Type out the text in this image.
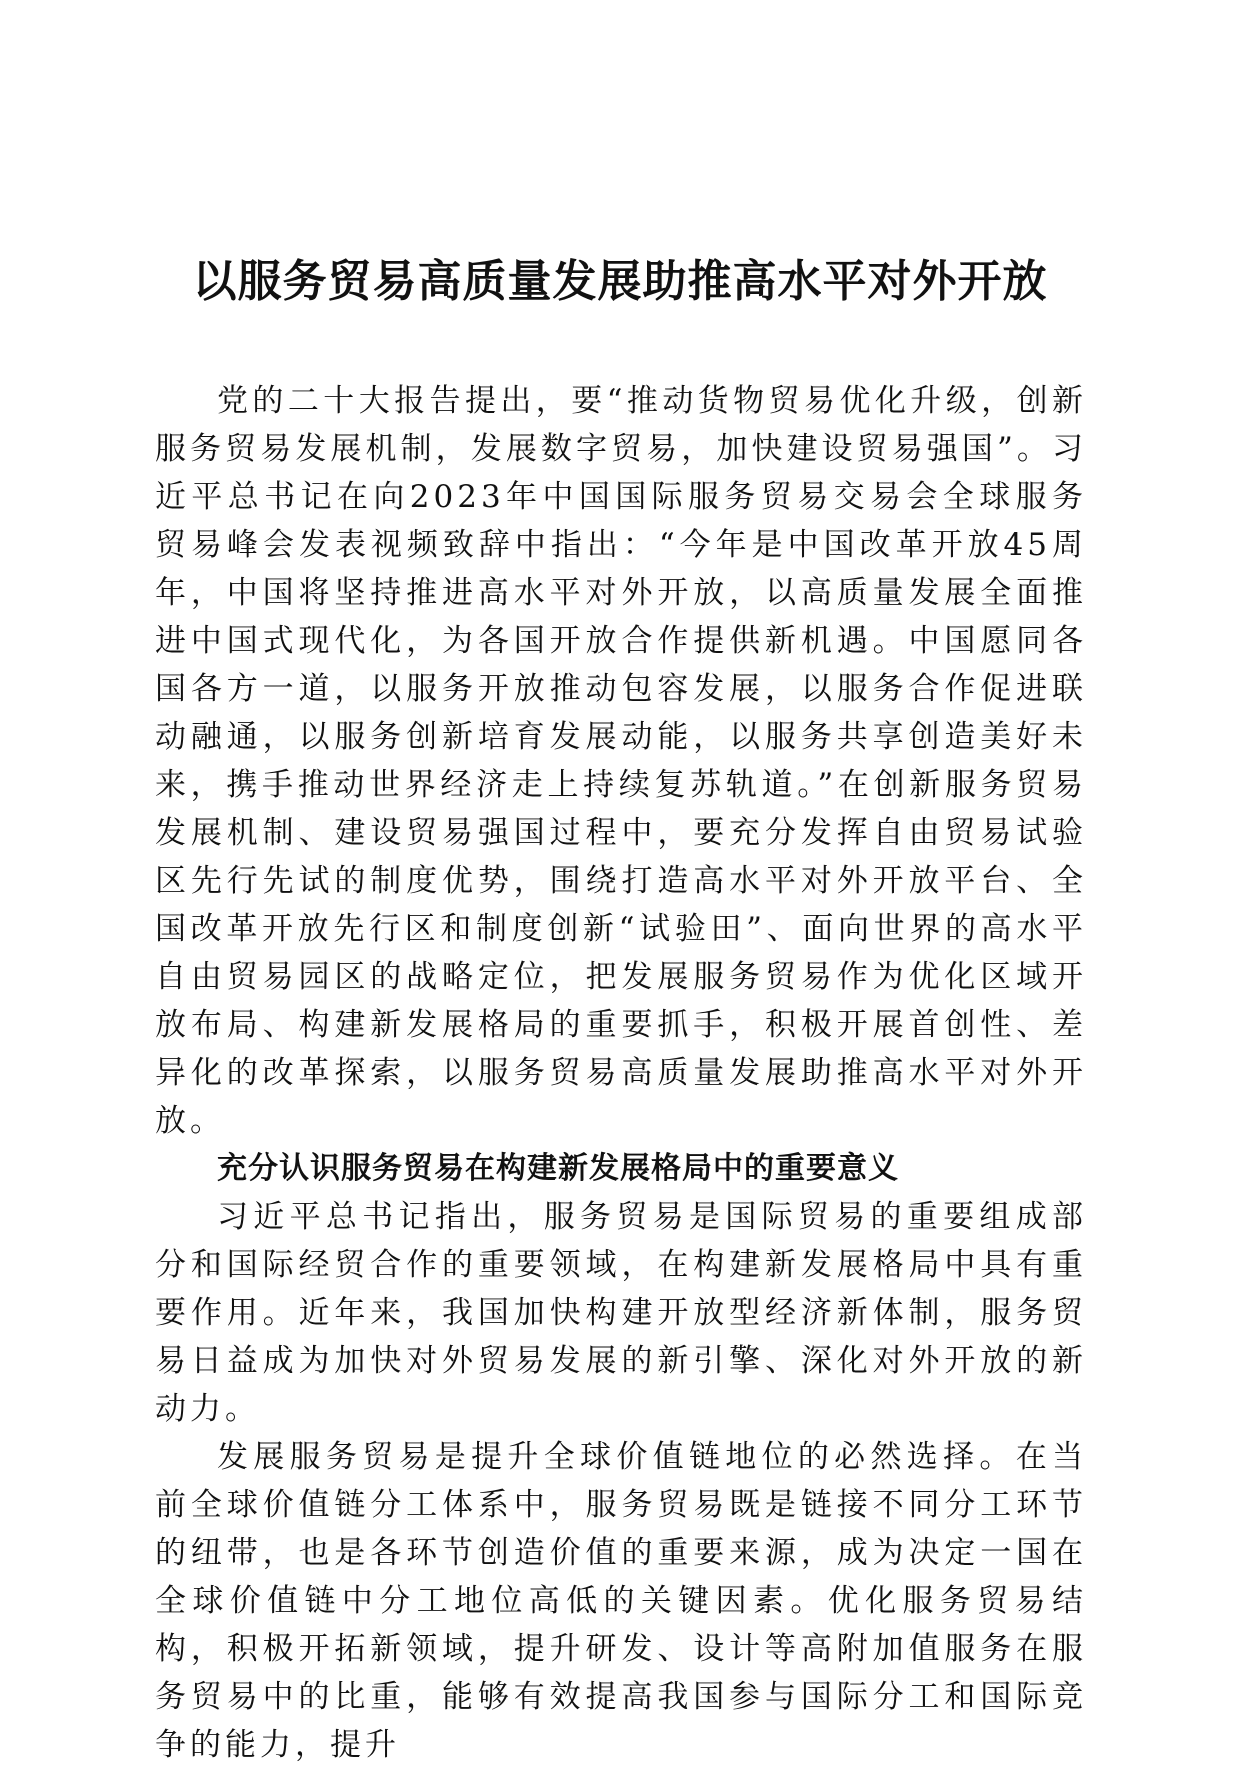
以服务贸易高质量发展助推高水平对外开放

党的二十大报告提出，要“推动货物贸易优化升级，创新服务贸易发展机制，发展数字贸易，加快建设贸易强国”。习近平总书记在向2023年中国国际服务贸易交易会全球服务贸易峰会发表视频致辞中指出：“今年是中国改革开放45周年，中国将坚持推进高水平对外开放，以高质量发展全面推进中国式现代化，为各国开放合作提供新机遇。中国愿同各国各方一道，以服务开放推动包容发展，以服务合作促进联动融通，以服务创新培育发展动能，以服务共享创造美好未来，携手推动世界经济走上持续复苏轨道。”在创新服务贸易发展机制、建设贸易强国过程中，要充分发挥自由贸易试验区先行先试的制度优势，围绕打造高水平对外开放平台、全国改革开放先行区和制度创新“试验田”、面向世界的高水平自由贸易园区的战略定位，把发展服务贸易作为优化区域开放布局、构建新发展格局的重要抓手，积极开展首创性、差异化的改革探索，以服务贸易高质量发展助推高水平对外开放。

充分认识服务贸易在构建新发展格局中的重要意义

习近平总书记指出，服务贸易是国际贸易的重要组成部分和国际经贸合作的重要领域，在构建新发展格局中具有重要作用。近年来，我国加快构建开放型经济新体制，服务贸易日益成为加快对外贸易发展的新引擎、深化对外开放的新动力。

发展服务贸易是提升全球价值链地位的必然选择。在当前全球价值链分工体系中，服务贸易既是链接不同分工环节的纽带，也是各环节创造价值的重要来源，成为决定一国在全球价值链中分工地位高低的关键因素。优化服务贸易结构，积极开拓新领域，提升研发、设计等高附加值服务在服务贸易中的比重，能够有效提高我国参与国际分工和国际竞争的能力，提升
